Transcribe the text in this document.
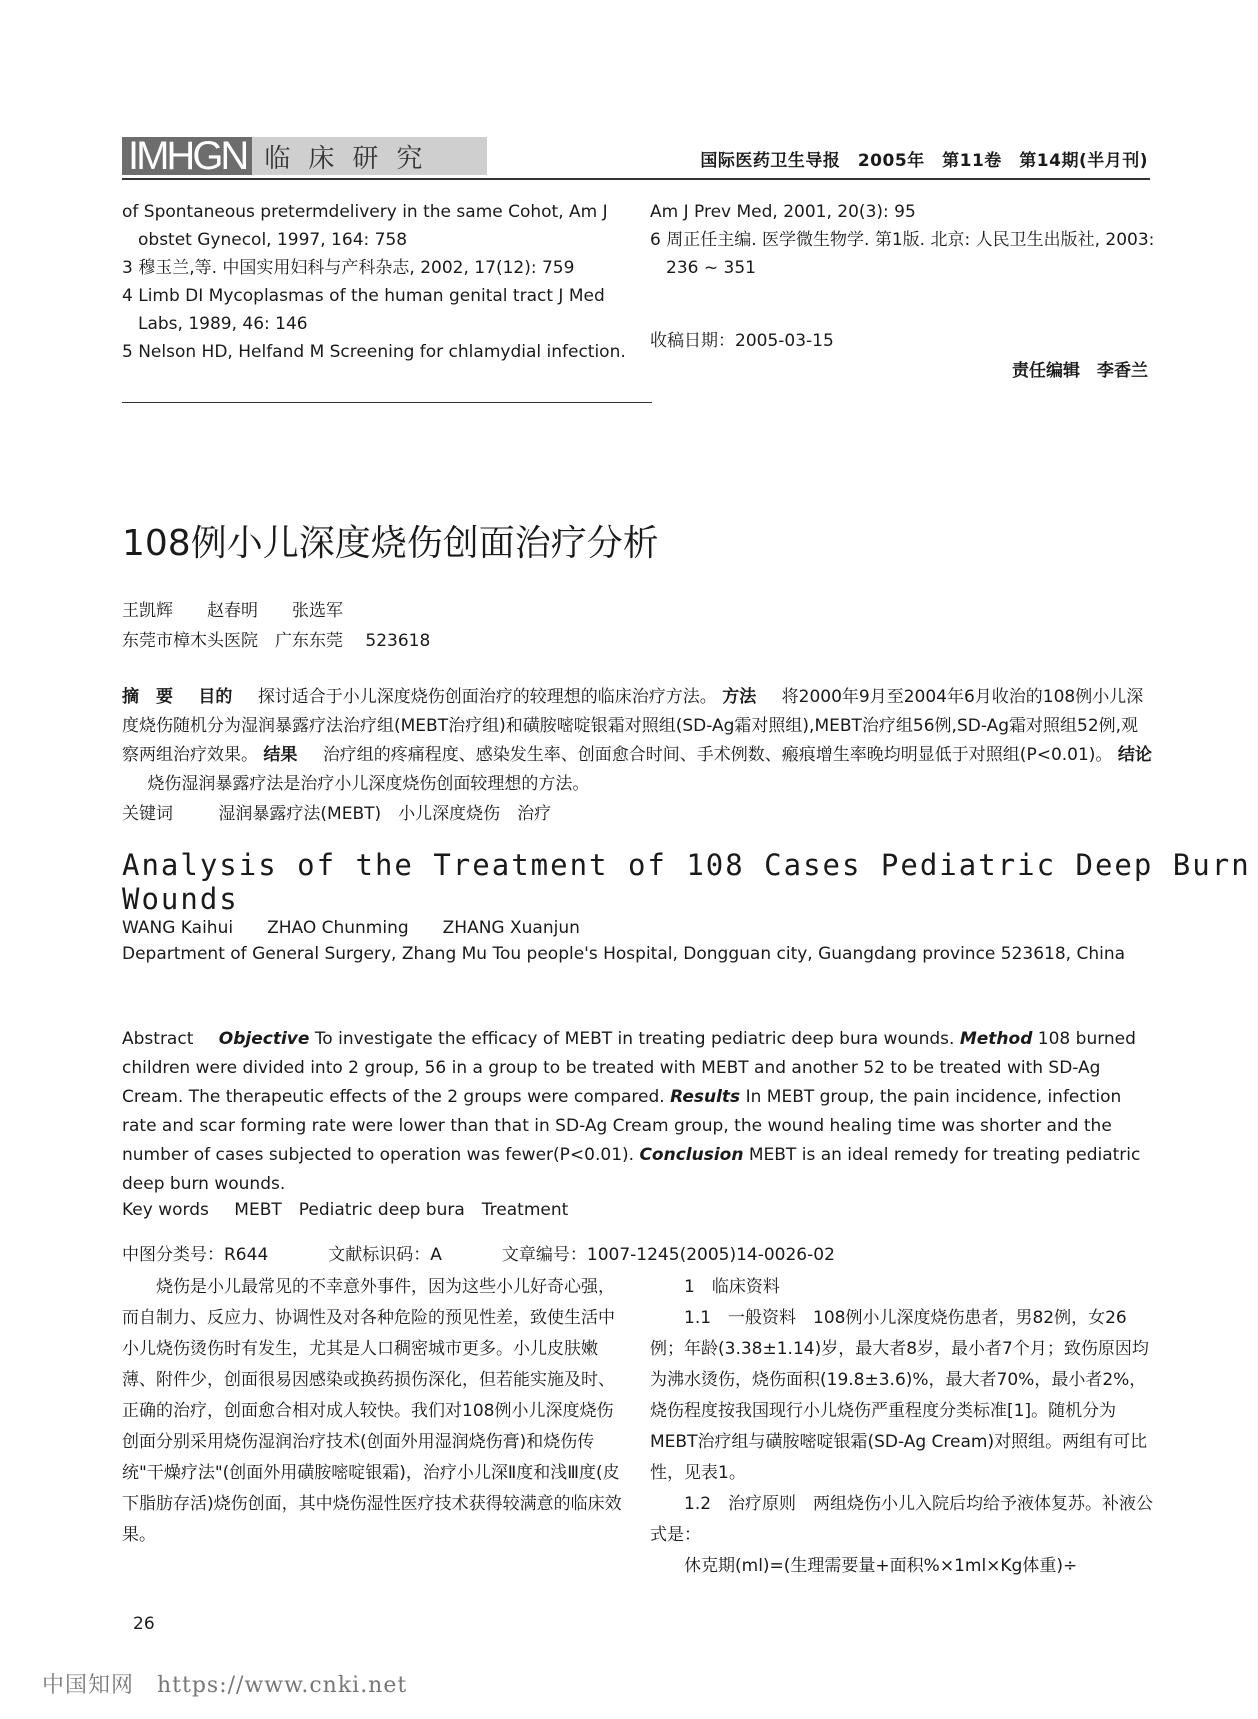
IMHGN 临床研究	国际医药卫生导报　2005年　第11卷　第14期(半月刊)

of Spontaneous pretermdelivery in the same Cohot, Am J obstet Gynecol, 1997, 164: 758

3 穆玉兰,等. 中国实用妇科与产科杂志, 2002, 17(12): 759

4 Limb DI Mycoplasmas of the human genital tract J Med Labs, 1989, 46: 146

5 Nelson HD, Helfand M Screening for chlamydial infection.

Am J Prev Med, 2001, 20(3): 95

6 周正任主编. 医学微生物学. 第1版. 北京: 人民卫生出版社, 2003: 236 ~ 351

收稿日期：2005-03-15
责任编辑　李香兰
108例小儿深度烧伤创面治疗分析
王凯辉　　赵春明　　张选军
东莞市樟木头医院　广东东莞　 523618
摘　要 目的 探讨适合于小儿深度烧伤创面治疗的较理想的临床治疗方法。 方法 将2000年9月至2004年6月收治的108例小儿深度烧伤随机分为湿润暴露疗法治疗组(MEBT治疗组)和磺胺嘧啶银霜对照组(SD-Ag霜对照组),MEBT治疗组56例,SD-Ag霜对照组52例,观察两组治疗效果。 结果 治疗组的疼痛程度、感染发生率、创面愈合时间、手术例数、瘢痕增生率晚均明显低于对照组(P<0.01)。 结论 烧伤湿润暴露疗法是治疗小儿深度烧伤创面较理想的方法。
关键词	湿润暴露疗法(MEBT)　小儿深度烧伤　治疗
Analysis of the Treatment of 108 Cases Pediatric Deep Burn Wounds
WANG Kaihui　　ZHAO Chunming　　ZHANG Xuanjun
Department of General Surgery, Zhang Mu Tou people's Hospital, Dongguan city, Guangdang province 523618, China
Abstract Objective To investigate the efficacy of MEBT in treating pediatric deep bura wounds. Method 108 burned children were divided into 2 group, 56 in a group to be treated with MEBT and another 52 to be treated with SD-Ag Cream. The therapeutic effects of the 2 groups were compared. Results In MEBT group, the pain incidence, infection rate and scar forming rate were lower than that in SD-Ag Cream group, the wound healing time was shorter and the number of cases subjected to operation was fewer(P<0.01). Conclusion MEBT is an ideal remedy for treating pediatric deep burn wounds.
Key words MEBT　Pediatric deep bura　Treatment
中图分类号：R644	文献标识码：A	文章编号：1007-1245(2005)14-0026-02

烧伤是小儿最常见的不幸意外事件，因为这些小儿好奇心强，而自制力、反应力、协调性及对各种危险的预见性差，致使生活中小儿烧伤烫伤时有发生，尤其是人口稠密城市更多。小儿皮肤嫩薄、附件少，创面很易因感染或换药损伤深化，但若能实施及时、正确的治疗，创面愈合相对成人较快。我们对108例小儿深度烧伤创面分别采用烧伤湿润治疗技术(创面外用湿润烧伤膏)和烧伤传统"干燥疗法"(创面外用磺胺嘧啶银霜)，治疗小儿深Ⅱ度和浅Ⅲ度(皮下脂肪存活)烧伤创面，其中烧伤湿性医疗技术获得较满意的临床效果。

1　临床资料

1.1　一般资料　108例小儿深度烧伤患者，男82例，女26例；年龄(3.38±1.14)岁，最大者8岁，最小者7个月；致伤原因均为沸水烫伤，烧伤面积(19.8±3.6)%，最大者70%，最小者2%，烧伤程度按我国现行小儿烧伤严重程度分类标准[1]。随机分为MEBT治疗组与磺胺嘧啶银霜(SD-Ag Cream)对照组。两组有可比性，见表1。

1.2　治疗原则　两组烧伤小儿入院后均给予液体复苏。补液公式是：

休克期(ml)=(生理需要量+面积%×1ml×Kg体重)÷

26
中国知网　https://www.cnki.net
